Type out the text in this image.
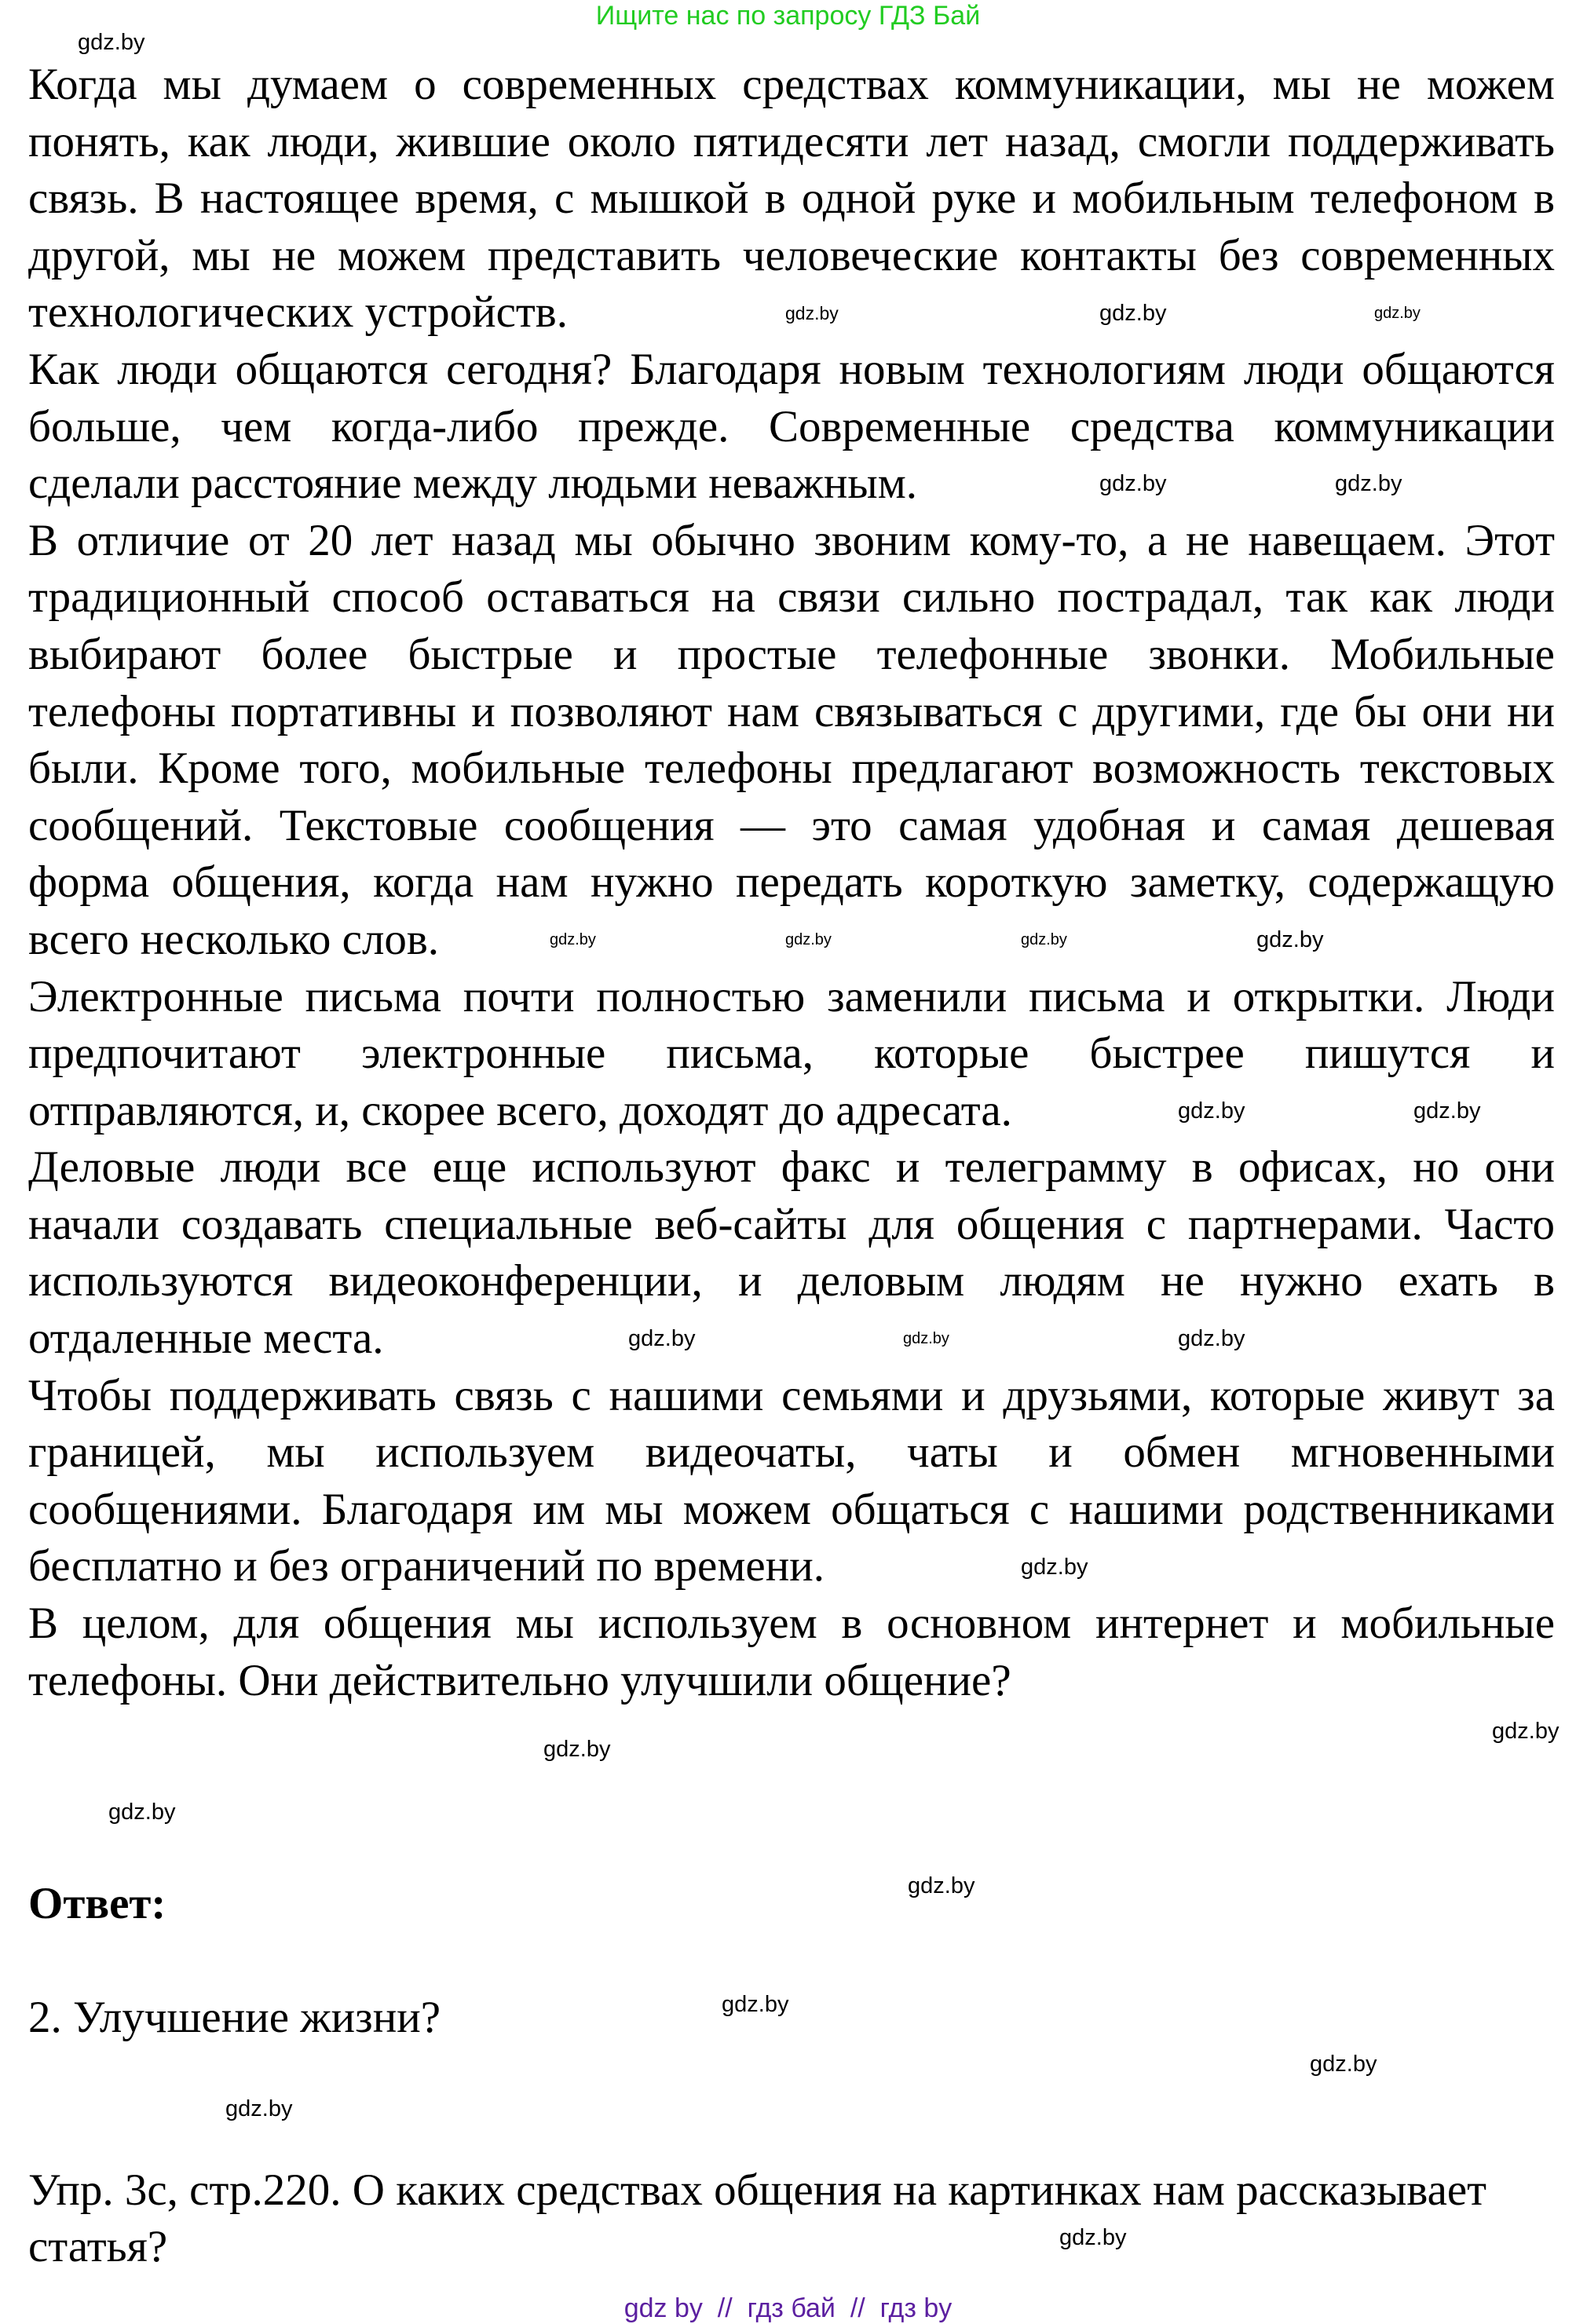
Ищите нас по запросу ГДЗ Бай
Когда мы думаем о современных средствах коммуникации, мы не можем
понять, как люди, жившие около пятидесяти лет назад, смогли поддерживать
связь. В настоящее время, с мышкой в одной руке и мобильным телефоном в
другой, мы не можем представить человеческие контакты без современных
технологических устройств.
Как люди общаются сегодня? Благодаря новым технологиям люди общаются
больше, чем когда-либо прежде. Современные средства коммуникации
сделали расстояние между людьми неважным.
В отличие от 20 лет назад мы обычно звоним кому-то, а не навещаем. Этот
традиционный способ оставаться на связи сильно пострадал, так как люди
выбирают более быстрые и простые телефонные звонки. Мобильные
телефоны портативны и позволяют нам связываться с другими, где бы они ни
были. Кроме того, мобильные телефоны предлагают возможность текстовых
сообщений. Текстовые сообщения — это самая удобная и самая дешевая
форма общения, когда нам нужно передать короткую заметку, содержащую
всего несколько слов.
Электронные письма почти полностью заменили письма и открытки. Люди
предпочитают электронные письма, которые быстрее пишутся и
отправляются, и, скорее всего, доходят до адресата.
Деловые люди все еще используют факс и телеграмму в офисах, но они
начали создавать специальные веб-сайты для общения с партнерами. Часто
используются видеоконференции, и деловым людям не нужно ехать в
отдаленные места.
Чтобы поддерживать связь с нашими семьями и друзьями, которые живут за
границей, мы используем видеочаты, чаты и обмен мгновенными
сообщениями. Благодаря им мы можем общаться с нашими родственниками
бесплатно и без ограничений по времени.
В целом, для общения мы используем в основном интернет и мобильные
телефоны. Они действительно улучшили общение?
Ответ:
2. Улучшение жизни?
Упр. 3с, стр.220. О каких средствах общения на картинках нам рассказывает
статья?
gdz.by
gdz.by
gdz.by	gdz.by
gdz.by	gdz.by
gdz.by	gdz.by	gdz.by	gdz.by
gdz.by	gdz.by
gdz.by
gdz.by	gdz.by
gdz.by
gdz.by
gdz.by
gdz.by
gdz.by
gdz.by
gdz.by
gdz.by
gdz.by
gdz by  //  гдз бай  //  гдз by
